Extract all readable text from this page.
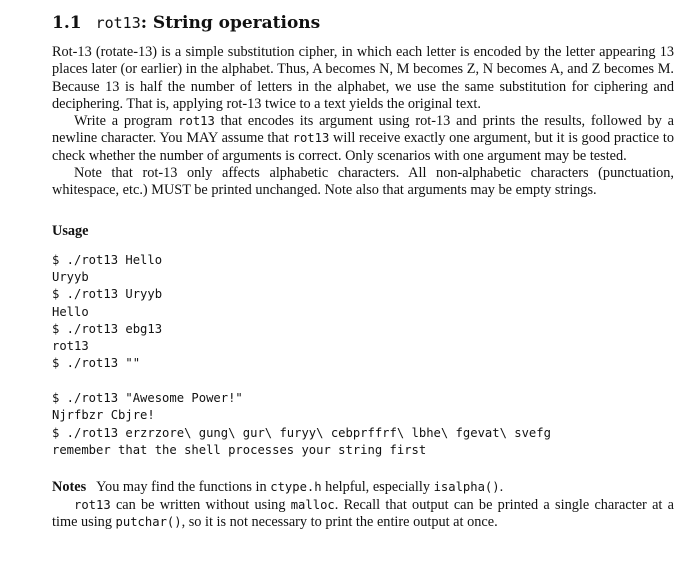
1.1 rot13: String operations

Rot-13 (rotate-13) is a simple substitution cipher, in which each letter is encoded by the letter appearing 13 places later (or earlier) in the alphabet. Thus, A becomes N, M becomes Z, N becomes A, and Z becomes M. Because 13 is half the number of letters in the alphabet, we use the same substitution for ciphering and deciphering. That is, applying rot-13 twice to a text yields the original text.

Write a program rot13 that encodes its argument using rot-13 and prints the results, followed by a newline character. You MAY assume that rot13 will receive exactly one argument, but it is good practice to check whether the number of arguments is correct. Only scenarios with one argument may be tested.

Note that rot-13 only affects alphabetic characters. All non-alphabetic characters (punctuation, whitespace, etc.) MUST be printed unchanged. Note also that arguments may be empty strings.

Usage
$ ./rot13 Hello
Uryyb
$ ./rot13 Uryyb
Hello
$ ./rot13 ebg13
rot13
$ ./rot13 ""
$ ./rot13 "Awesome Power!"
Njrfbzr Cbjre!
$ ./rot13 erzrzore\ gung\ gur\ furyy\ cebprffrf\ lbhe\ fgevat\ svefg
remember that the shell processes your string first

Notes You may find the functions in ctype.h helpful, especially isalpha().

rot13 can be written without using malloc. Recall that output can be printed a single character at a time using putchar(), so it is not necessary to print the entire output at once.
